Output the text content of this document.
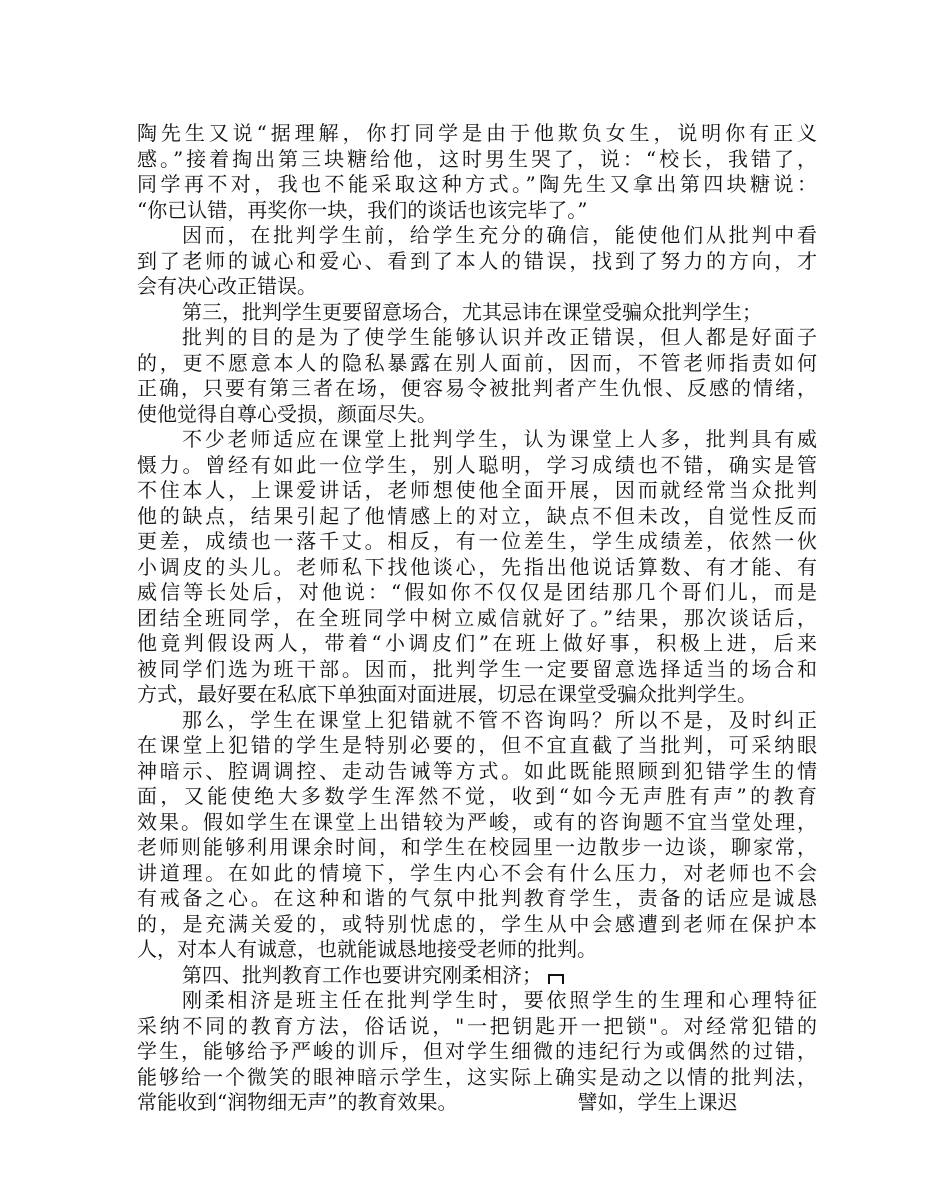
陶先生又说“据理解，你打同学是由于他欺负女生，说明你有正义
感。”接着掏出第三块糖给他，这时男生哭了，说：“校长，我错了，
同学再不对，我也不能采取这种方式。”陶先生又拿出第四块糖说：
“你已认错，再奖你一块，我们的谈话也该完毕了。”
因而，在批判学生前，给学生充分的确信，能使他们从批判中看
到了老师的诚心和爱心、看到了本人的错误，找到了努力的方向，才
会有决心改正错误。
第三，批判学生更要留意场合，尤其忌讳在课堂受骗众批判学生；
批判的目的是为了使学生能够认识并改正错误，但人都是好面子
的，更不愿意本人的隐私暴露在别人面前，因而，不管老师指责如何
正确，只要有第三者在场，便容易令被批判者产生仇恨、反感的情绪，
使他觉得自尊心受损，颜面尽失。
不少老师适应在课堂上批判学生，认为课堂上人多，批判具有威
慑力。曾经有如此一位学生，别人聪明，学习成绩也不错，确实是管
不住本人，上课爱讲话，老师想使他全面开展，因而就经常当众批判
他的缺点，结果引起了他情感上的对立，缺点不但未改，自觉性反而
更差，成绩也一落千丈。相反，有一位差生，学生成绩差，依然一伙
小调皮的头儿。老师私下找他谈心，先指出他说话算数、有才能、有
威信等长处后，对他说：“假如你不仅仅是团结那几个哥们儿，而是
团结全班同学，在全班同学中树立威信就好了。”结果，那次谈话后，
他竟判假设两人，带着“小调皮们”在班上做好事，积极上进，后来
被同学们选为班干部。因而，批判学生一定要留意选择适当的场合和
方式，最好要在私底下单独面对面进展，切忌在课堂受骗众批判学生。
那么，学生在课堂上犯错就不管不咨询吗？所以不是，及时纠正
在课堂上犯错的学生是特别必要的，但不宜直截了当批判，可采纳眼
神暗示、腔调调控、走动告诫等方式。如此既能照顾到犯错学生的情
面，又能使绝大多数学生浑然不觉，收到“如今无声胜有声”的教育
效果。假如学生在课堂上出错较为严峻，或有的咨询题不宜当堂处理，
老师则能够利用课余时间，和学生在校园里一边散步一边谈，聊家常，
讲道理。在如此的情境下，学生内心不会有什么压力，对老师也不会
有戒备之心。在这种和谐的气氛中批判教育学生，责备的话应是诚恳
的，是充满关爱的，或特别忧虑的，学生从中会感遭到老师在保护本
人，对本人有诚意，也就能诚恳地接受老师的批判。
第四、批判教育工作也要讲究刚柔相济；
刚柔相济是班主任在批判学生时，要依照学生的生理和心理特征
采纳不同的教育方法，俗话说，"一把钥匙开一把锁"。对经常犯错的
学生，能够给予严峻的训斥，但对学生细微的违纪行为或偶然的过错，
能够给一个微笑的眼神暗示学生，这实际上确实是动之以情的批判法，
常能收到“润物细无声”的教育效果。	譬如，学生上课迟
